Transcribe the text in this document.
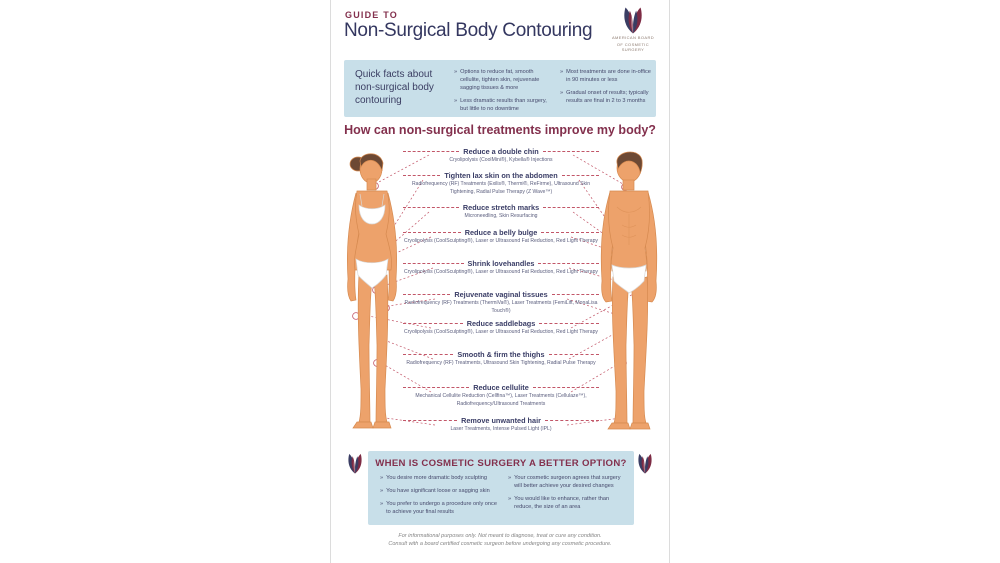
GUIDE TO
Non-Surgical Body Contouring	AMERICAN BOARD
OF COSMETIC SURGERY
Quick facts about non-surgical body contouring
»
Options to reduce fat, smooth cellulite, tighten skin, rejuvenate sagging tissues & more
»
Less dramatic results than surgery, but little to no downtime
»
Most treatments are done in-office in 90 minutes or less
»
Gradual onset of results; typically results are final in 2 to 3 months
How can non-surgical treatments improve my body?
Reduce a double chin
Cryolipolysis (CoolMini®), Kybella® Injections
Tighten lax skin on the abdomen
Radiofrequency (RF) Treatments (Exilis®, Thermi®, ReFirme), Ultrasound Skin Tightening, Radial Pulse Therapy (Z Wave™)
Reduce stretch marks
Microneedling, Skin Resurfacing
Reduce a belly bulge
Cryolipolysis (CoolSculpting®), Laser or Ultrasound Fat Reduction, Red Light Therapy
Shrink lovehandles
Cryolipolysis (CoolSculpting®), Laser or Ultrasound Fat Reduction, Red Light Therapy
Rejuvenate vaginal tissues
Radiofrequency (RF) Treatments (ThermiVa®), Laser Treatments (FemiLift, MonaLisa Touch®)
Reduce saddlebags
Cryolipolysis (CoolSculpting®), Laser or Ultrasound Fat Reduction, Red Light Therapy
Smooth & firm the thighs
Radiofrequency (RF) Treatments, Ultrasound Skin Tightening, Radial Pulse Therapy
Reduce cellulite
Mechanical Cellulite Reduction (Cellfina™), Laser Treatments (Cellulaze™), Radiofrequency/Ultrasound Treatments
Remove unwanted hair
Laser Treatments, Intense Pulsed Light (IPL)
WHEN IS COSMETIC SURGERY A BETTER OPTION?
»
You desire more dramatic body sculpting
»
You have significant loose or sagging skin
»
You prefer to undergo a procedure only once to achieve your final results
»
Your cosmetic surgeon agrees that surgery will better achieve your desired changes
»
You would like to enhance, rather than reduce, the size of an area
For informational purposes only. Not meant to diagnose, treat or cure any condition.
Consult with a board certified cosmetic surgeon before undergoing any cosmetic procedure.
